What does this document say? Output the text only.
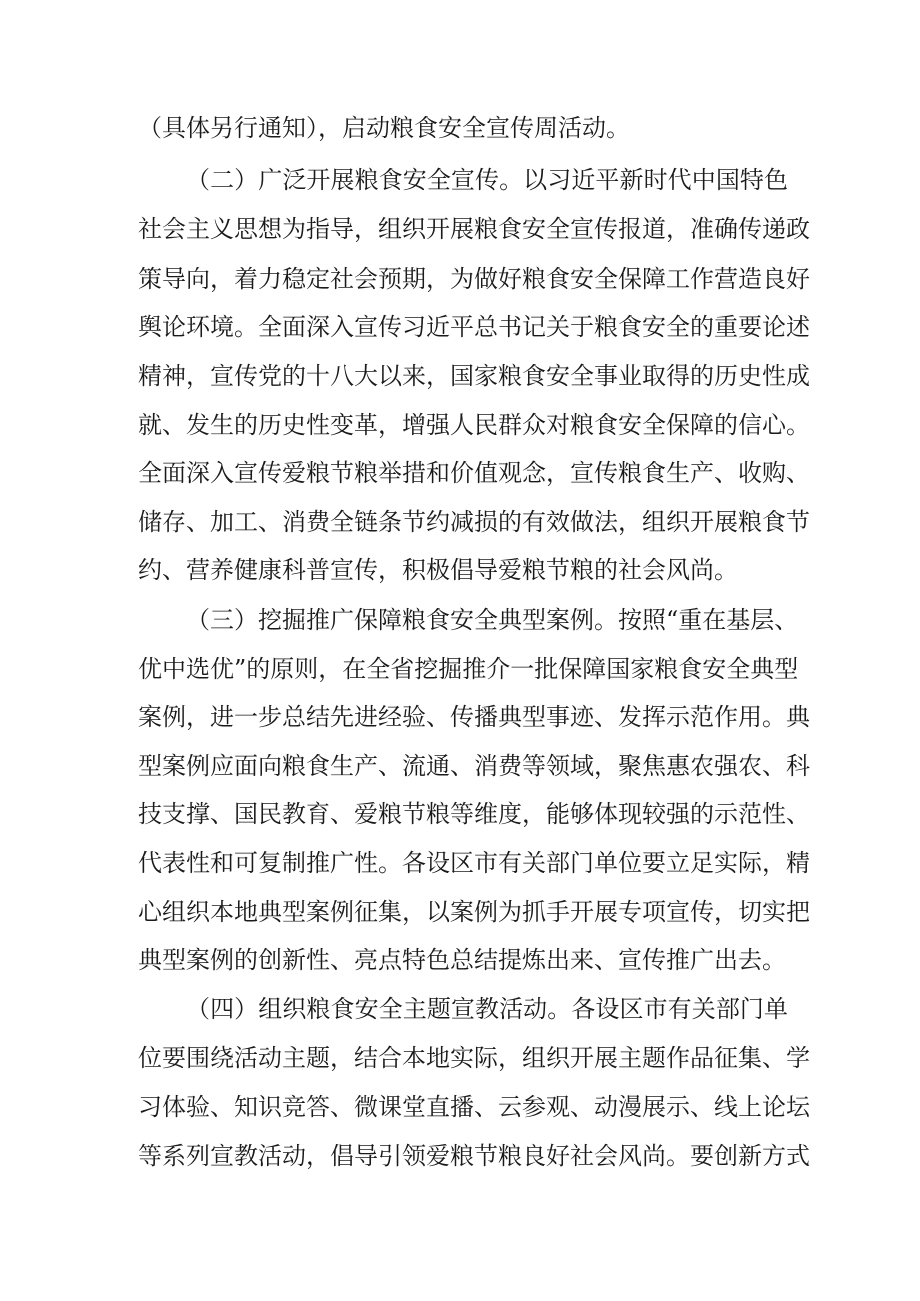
（具体另行通知），启动粮食安全宣传周活动。
（二）广泛开展粮食安全宣传。以习近平新时代中国特色
社会主义思想为指导，组织开展粮食安全宣传报道，准确传递政
策导向，着力稳定社会预期，为做好粮食安全保障工作营造良好
舆论环境。全面深入宣传习近平总书记关于粮食安全的重要论述
精神，宣传党的十八大以来，国家粮食安全事业取得的历史性成
就、发生的历史性变革，增强人民群众对粮食安全保障的信心。
全面深入宣传爱粮节粮举措和价值观念，宣传粮食生产、收购、
储存、加工、消费全链条节约减损的有效做法，组织开展粮食节
约、营养健康科普宣传，积极倡导爱粮节粮的社会风尚。
（三）挖掘推广保障粮食安全典型案例。按照“重在基层、
优中选优”的原则，在全省挖掘推介一批保障国家粮食安全典型
案例，进一步总结先进经验、传播典型事迹、发挥示范作用。典
型案例应面向粮食生产、流通、消费等领域，聚焦惠农强农、科
技支撑、国民教育、爱粮节粮等维度，能够体现较强的示范性、
代表性和可复制推广性。各设区市有关部门单位要立足实际，精
心组织本地典型案例征集，以案例为抓手开展专项宣传，切实把
典型案例的创新性、亮点特色总结提炼出来、宣传推广出去。
（四）组织粮食安全主题宣教活动。各设区市有关部门单
位要围绕活动主题，结合本地实际，组织开展主题作品征集、学
习体验、知识竞答、微课堂直播、云参观、动漫展示、线上论坛
等系列宣教活动，倡导引领爱粮节粮良好社会风尚。要创新方式
